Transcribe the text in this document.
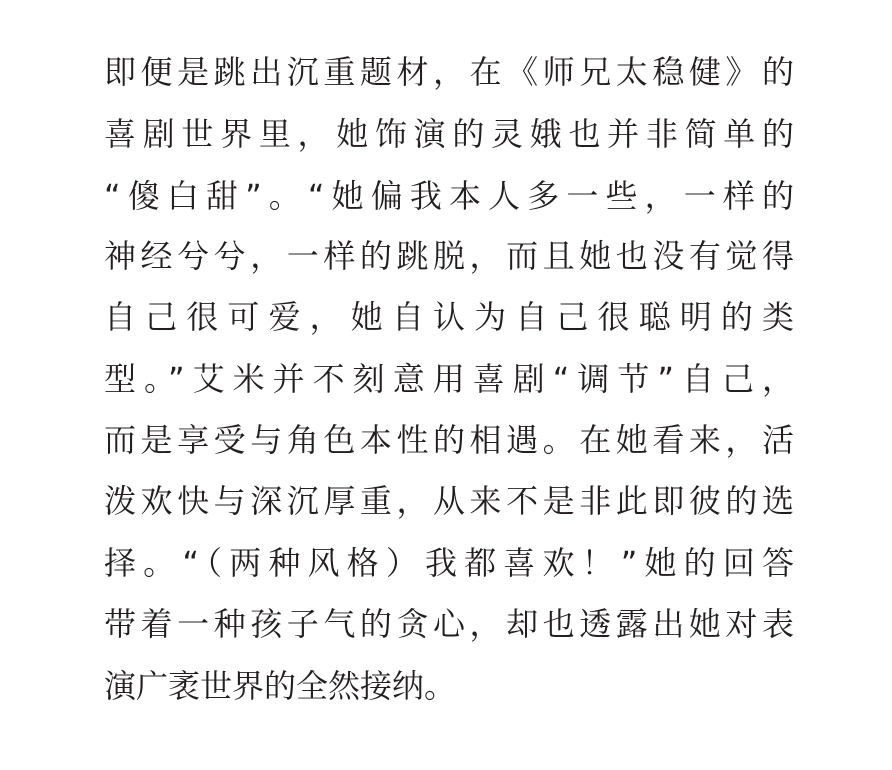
即便是跳出沉重题材，在《师兄太稳健》的
喜剧世界里，她饰演的灵娥也并非简单的
“傻白甜”。“她偏我本人多一些，一样的
神经兮兮，一样的跳脱，而且她也没有觉得
自己很可爱，她自认为自己很聪明的类
型。”艾米并不刻意用喜剧“调节”自己，
而是享受与角色本性的相遇。在她看来，活
泼欢快与深沉厚重，从来不是非此即彼的选
择。“（两种风格）我都喜欢！”她的回答
带着一种孩子气的贪心，却也透露出她对表
演广袤世界的全然接纳。
